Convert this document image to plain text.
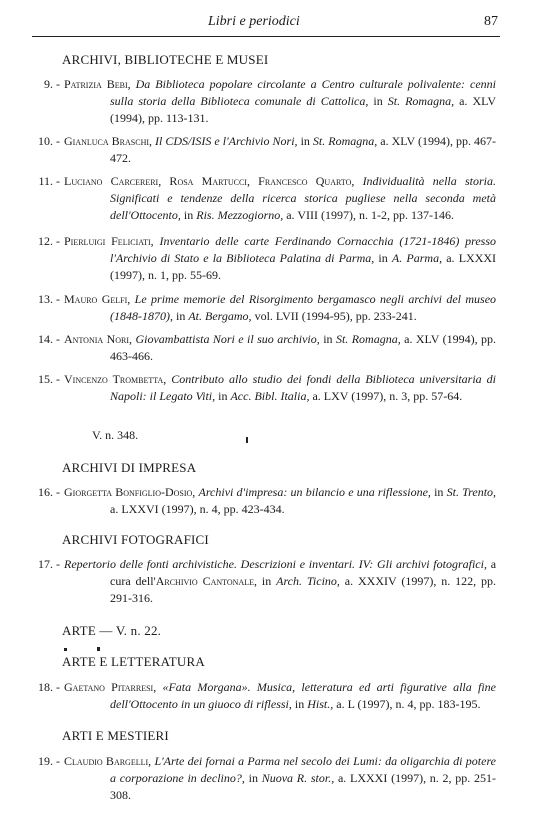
Libri e periodici	87
ARCHIVI, BIBLIOTECHE E MUSEI
9. - Patrizia Bebi, Da Biblioteca popolare circolante a Centro culturale polivalente: cenni sulla storia della Biblioteca comunale di Cattolica, in St. Romagna, a. XLV (1994), pp. 113-131.
10. - Gianluca Braschi, Il CDS/ISIS e l'Archivio Nori, in St. Romagna, a. XLV (1994), pp. 467-472.
11. - Luciano Carcereri, Rosa Martucci, Francesco Quarto, Individualità nella storia. Significati e tendenze della ricerca storica pugliese nella seconda metà dell'Ottocento, in Ris. Mezzogiorno, a. VIII (1997), n. 1-2, pp. 137-146.
12. - Pierluigi Feliciati, Inventario delle carte Ferdinando Cornacchia (1721-1846) presso l'Archivio di Stato e la Biblioteca Palatina di Parma, in A. Parma, a. LXXXI (1997), n. 1, pp. 55-69.
13. - Mauro Gelfi, Le prime memorie del Risorgimento bergamasco negli archivi del museo (1848-1870), in At. Bergamo, vol. LVII (1994-95), pp. 233-241.
14. - Antonia Nori, Giovambattista Nori e il suo archivio, in St. Romagna, a. XLV (1994), pp. 463-466.
15. - Vincenzo Trombetta, Contributo allo studio dei fondi della Biblioteca universitaria di Napoli: il Legato Viti, in Acc. Bibl. Italia, a. LXV (1997), n. 3, pp. 57-64.
V. n. 348.
ARCHIVI DI IMPRESA
16. - Giorgetta Bonfiglio-Dosio, Archivi d'impresa: un bilancio e una riflessione, in St. Trento, a. LXXVI (1997), n. 4, pp. 423-434.
ARCHIVI FOTOGRAFICI
17. - Repertorio delle fonti archivistiche. Descrizioni e inventari. IV: Gli archivi fotografici, a cura dell'Archivio Cantonale, in Arch. Ticino, a. XXXIV (1997), n. 122, pp. 291-316.
ARTE — V. n. 22.
ARTE E LETTERATURA
18. - Gaetano Pitarresi, «Fata Morgana». Musica, letteratura ed arti figurative alla fine dell'Ottocento in un giuoco di riflessi, in Hist., a. L (1997), n. 4, pp. 183-195.
ARTI E MESTIERI
19. - Claudio Bargelli, L'Arte dei fornai a Parma nel secolo dei Lumi: da oligarchia di potere a corporazione in declino?, in Nuova R. stor., a. LXXXI (1997), n. 2, pp. 251-308.
